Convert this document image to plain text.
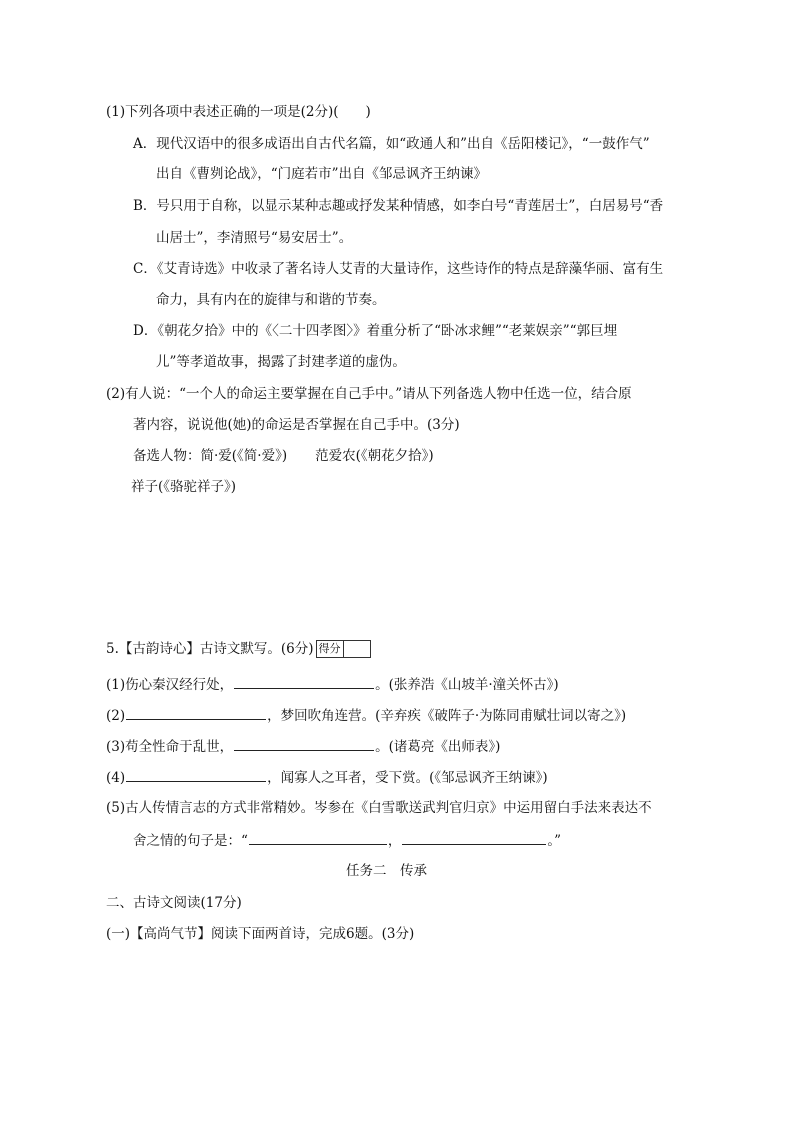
(1)下列各项中表述正确的一项是(2分)(　　)
A．现代汉语中的很多成语出自古代名篇，如“政通人和”出自《岳阳楼记》，“一鼓作气”
出自《曹刿论战》，“门庭若市”出自《邹忌讽齐王纳谏》
B．号只用于自称，以显示某种志趣或抒发某种情感，如李白号“青莲居士”，白居易号“香
山居士”，李清照号“易安居士”。
C．《艾青诗选》中收录了著名诗人艾青的大量诗作，这些诗作的特点是辞藻华丽、富有生
命力，具有内在的旋律与和谐的节奏。
D．《朝花夕拾》中的《〈二十四孝图〉》着重分析了“卧冰求鲤”“老莱娱亲”“郭巨埋
儿”等孝道故事，揭露了封建孝道的虚伪。
(2)有人说：“一个人的命运主要掌握在自己手中。”请从下列备选人物中任选一位，结合原
著内容，说说他(她)的命运是否掌握在自己手中。(3分)
备选人物：简·爱(《简·爱》) 范爱农(《朝花夕拾》)
祥子(《骆驼祥子》)
5.【古韵诗心】古诗文默写。(6分) 得分
(1)伤心秦汉经行处，	。(张养浩《山坡羊·潼关怀古》)
(2)	，梦回吹角连营。(辛弃疾《破阵子·为陈同甫赋壮词以寄之》)
(3)苟全性命于乱世，	。(诸葛亮《出师表》)
(4)	，闻寡人之耳者，受下赏。(《邹忌讽齐王纳谏》)
(5)古人传情言志的方式非常精妙。岑参在《白雪歌送武判官归京》中运用留白手法来表达不
舍之情的句子是：“	，	。”
任务二　传承
二、古诗文阅读(17分)
(一)【高尚气节】阅读下面两首诗，完成6题。(3分)
